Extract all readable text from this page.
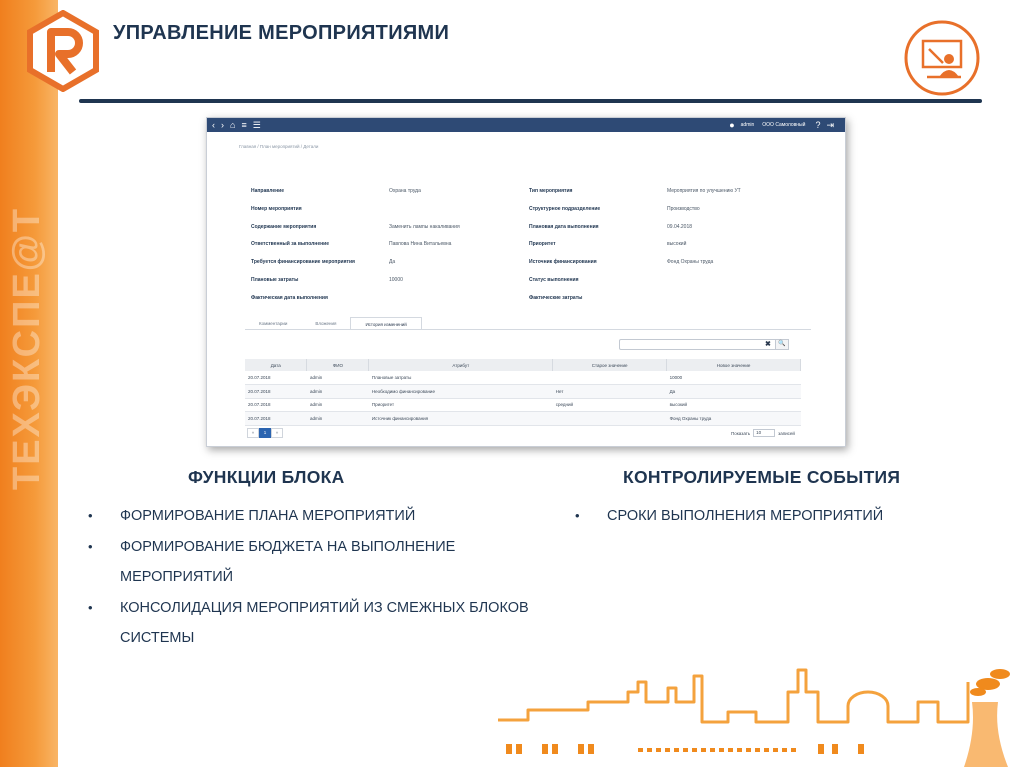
ТЕХЭКСПЕ@Т
УПРАВЛЕНИЕ МЕРОПРИЯТИЯМИ
‹ › ⌂ ≡ ☰	● admin ООО Самоловный ? ⇥
Главная / План мероприятий / Детали
Направление	Охрана труда
Номер мероприятия
Содержание мероприятия	Заменить лампы накаливания
Ответственный за выполнение	Павлова Нина Витальевна
Требуется финансирование мероприятия	Да
Плановые затраты	10000
Фактическая дата выполнения
Тип мероприятия	Мероприятия по улучшению УТ
Структурное подразделение	Производство
Плановая дата выполнения	09.04.2018
Приоритет	высокий
Источник финансирования	Фонд Охраны труда
Статус выполнения
Фактические затраты
Комментарии	Вложения	История изменений
✖	🔍
Дата	ФИО	Атрибут	Старое значение	Новое значение
20.07.2018	admin	Плановые затраты		10000
20.07.2018	admin	Необходимо финансирование	Нет	Да
20.07.2018	admin	Приоритет	средний	высокий
20.07.2018	admin	Источник финансирования		Фонд Охраны труда
«	1	»	Показать	10	записей
ФУНКЦИИ БЛОКА
• ФОРМИРОВАНИЕ ПЛАНА МЕРОПРИЯТИЙ
• ФОРМИРОВАНИЕ БЮДЖЕТА НА ВЫПОЛНЕНИЕ
МЕРОПРИЯТИЙ
• КОНСОЛИДАЦИЯ МЕРОПРИЯТИЙ ИЗ СМЕЖНЫХ БЛОКОВ
СИСТЕМЫ
КОНТРОЛИРУЕМЫЕ СОБЫТИЯ
• СРОКИ ВЫПОЛНЕНИЯ МЕРОПРИЯТИЙ
